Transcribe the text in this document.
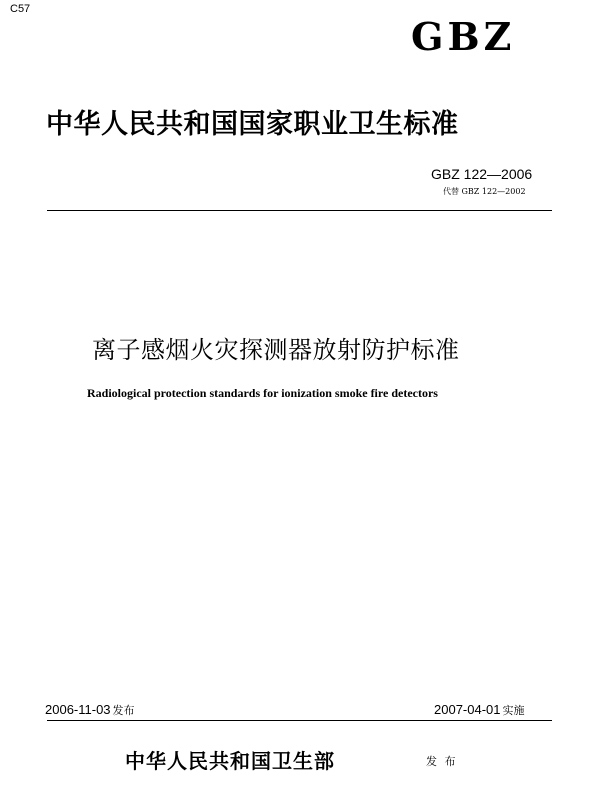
C57
GBZ
中华人民共和国国家职业卫生标准
GBZ 122—2006
代替 GBZ 122—2002
离子感烟火灾探测器放射防护标准
Radiological protection standards for ionization smoke fire detectors
2006-11-03 发布	2007-04-01 实施
中华人民共和国卫生部	发 布
